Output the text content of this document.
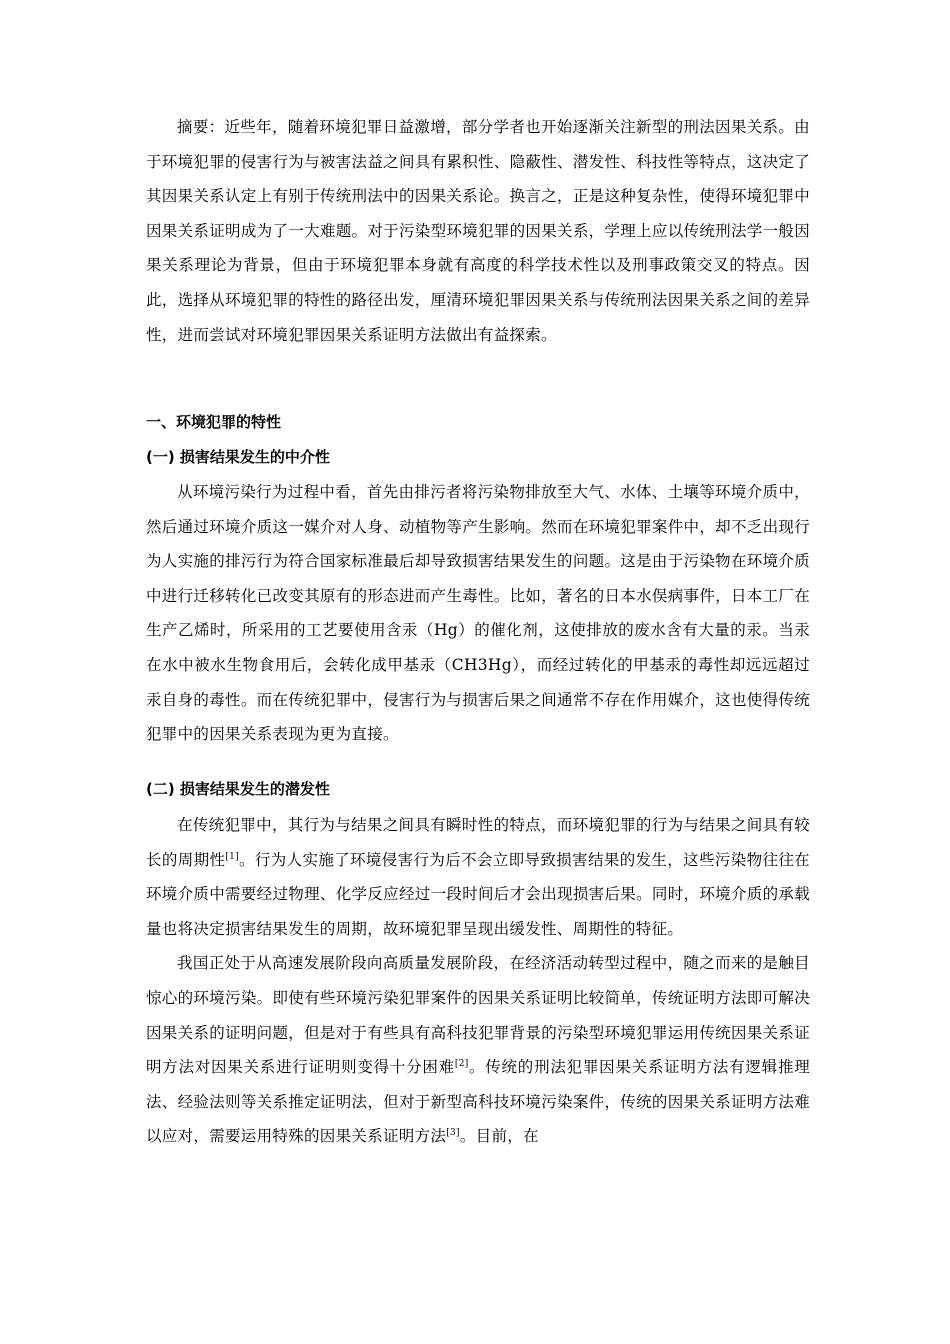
摘要：近些年，随着环境犯罪日益激增，部分学者也开始逐渐关注新型的刑法因果关系。由于环境犯罪的侵害行为与被害法益之间具有累积性、隐蔽性、潜发性、科技性等特点，这决定了其因果关系认定上有别于传统刑法中的因果关系论。换言之，正是这种复杂性，使得环境犯罪中因果关系证明成为了一大难题。对于污染型环境犯罪的因果关系，学理上应以传统刑法学一般因果关系理论为背景，但由于环境犯罪本身就有高度的科学技术性以及刑事政策交叉的特点。因此，选择从环境犯罪的特性的路径出发，厘清环境犯罪因果关系与传统刑法因果关系之间的差异性，进而尝试对环境犯罪因果关系证明方法做出有益探索。

一、环境犯罪的特性

(一) 损害结果发生的中介性

从环境污染行为过程中看，首先由排污者将污染物排放至大气、水体、土壤等环境介质中，然后通过环境介质这一媒介对人身、动植物等产生影响。然而在环境犯罪案件中，却不乏出现行为人实施的排污行为符合国家标准最后却导致损害结果发生的问题。这是由于污染物在环境介质中进行迁移转化已改变其原有的形态进而产生毒性。比如，著名的日本水俣病事件，日本工厂在生产乙烯时，所采用的工艺要使用含汞（Hg）的催化剂，这使排放的废水含有大量的汞。当汞在水中被水生物食用后，会转化成甲基汞（CH3Hg），而经过转化的甲基汞的毒性却远远超过汞自身的毒性。而在传统犯罪中，侵害行为与损害后果之间通常不存在作用媒介，这也使得传统犯罪中的因果关系表现为更为直接。

(二) 损害结果发生的潜发性

在传统犯罪中，其行为与结果之间具有瞬时性的特点，而环境犯罪的行为与结果之间具有较长的周期性[1]。行为人实施了环境侵害行为后不会立即导致损害结果的发生，这些污染物往往在环境介质中需要经过物理、化学反应经过一段时间后才会出现损害后果。同时，环境介质的承载量也将决定损害结果发生的周期，故环境犯罪呈现出缓发性、周期性的特征。

我国正处于从高速发展阶段向高质量发展阶段，在经济活动转型过程中，随之而来的是触目惊心的环境污染。即使有些环境污染犯罪案件的因果关系证明比较简单，传统证明方法即可解决因果关系的证明问题，但是对于有些具有高科技犯罪背景的污染型环境犯罪运用传统因果关系证明方法对因果关系进行证明则变得十分困难[2]。传统的刑法犯罪因果关系证明方法有逻辑推理法、经验法则等关系推定证明法，但对于新型高科技环境污染案件，传统的因果关系证明方法难以应对，需要运用特殊的因果关系证明方法[3]。目前，在
